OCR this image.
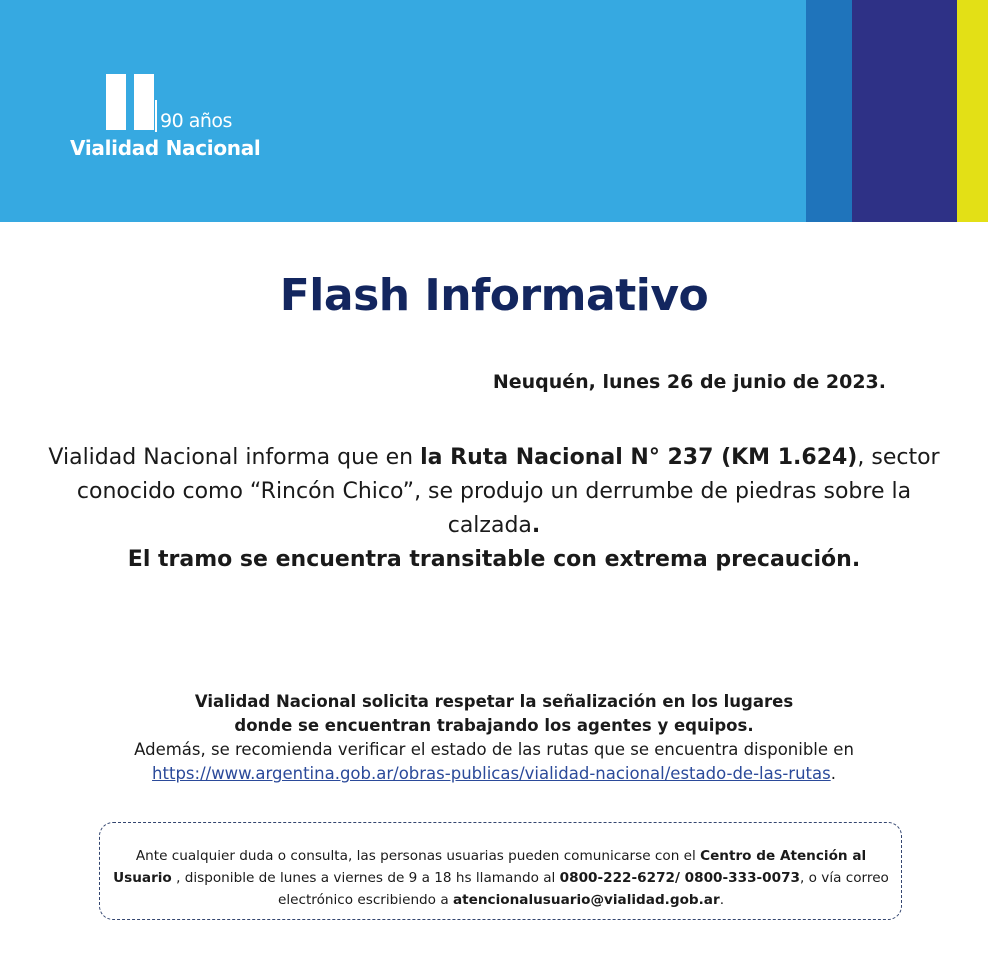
90 años
Vialidad Nacional
Flash Informativo
Neuquén, lunes 26 de junio de 2023.
Vialidad Nacional informa que en la Ruta Nacional N° 237 (KM 1.624), sector conocido como “Rincón Chico”, se produjo un derrumbe de piedras sobre la calzada.
El tramo se encuentra transitable con extrema precaución.
Vialidad Nacional solicita respetar la señalización en los lugares
donde se encuentran trabajando los agentes y equipos.
Además, se recomienda verificar el estado de las rutas que se encuentra disponible en
https://www.argentina.gob.ar/obras-publicas/vialidad-nacional/estado-de-las-rutas.
Ante cualquier duda o consulta, las personas usuarias pueden comunicarse con el Centro de Atención al Usuario , disponible de lunes a viernes de 9 a 18 hs llamando al 0800-222-6272/ 0800-333-0073, o vía correo electrónico escribiendo a atencionalusuario@vialidad.gob.ar.
